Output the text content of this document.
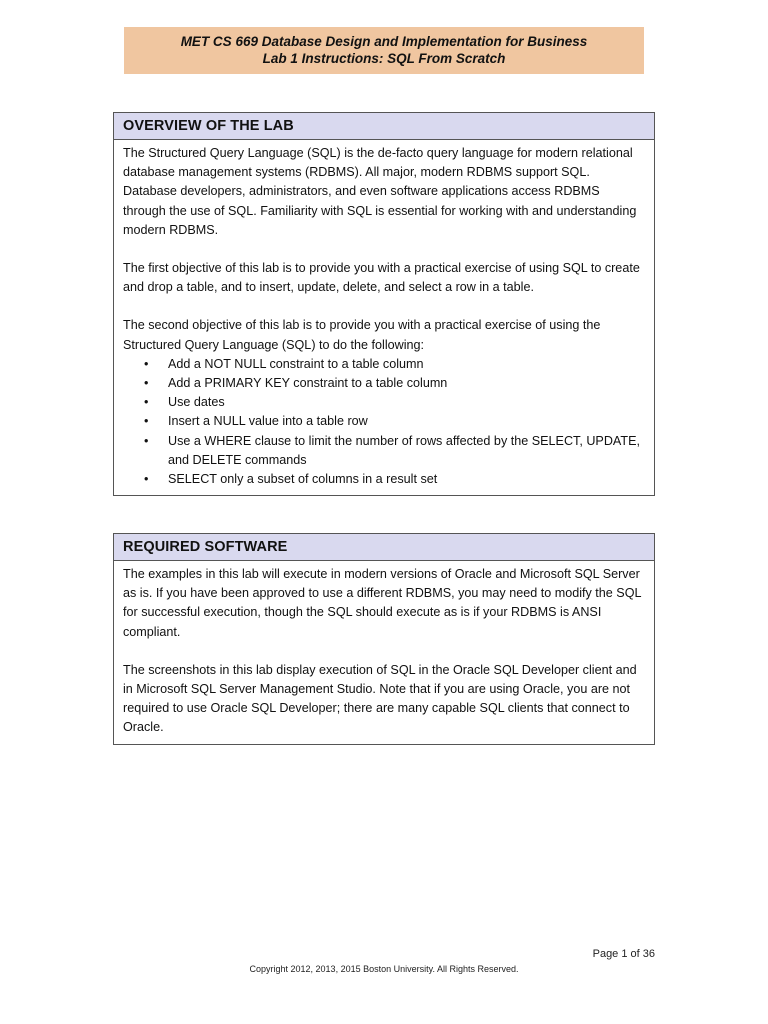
MET CS 669 Database Design and Implementation for Business
Lab 1 Instructions: SQL From Scratch
OVERVIEW OF THE LAB

The Structured Query Language (SQL) is the de-facto query language for modern relational database management systems (RDBMS). All major, modern RDBMS support SQL. Database developers, administrators, and even software applications access RDBMS through the use of SQL. Familiarity with SQL is essential for working with and understanding modern RDBMS.

The first objective of this lab is to provide you with a practical exercise of using SQL to create and drop a table, and to insert, update, delete, and select a row in a table.

The second objective of this lab is to provide you with a practical exercise of using the Structured Query Language (SQL) to do the following:

• Add a NOT NULL constraint to a table column
• Add a PRIMARY KEY constraint to a table column
• Use dates
• Insert a NULL value into a table row
• Use a WHERE clause to limit the number of rows affected by the SELECT, UPDATE, and DELETE commands
• SELECT only a subset of columns in a result set
REQUIRED SOFTWARE

The examples in this lab will execute in modern versions of Oracle and Microsoft SQL Server as is. If you have been approved to use a different RDBMS, you may need to modify the SQL for successful execution, though the SQL should execute as is if your RDBMS is ANSI compliant.

The screenshots in this lab display execution of SQL in the Oracle SQL Developer client and in Microsoft SQL Server Management Studio. Note that if you are using Oracle, you are not required to use Oracle SQL Developer; there are many capable SQL clients that connect to Oracle.

Page 1 of 36
Copyright 2012, 2013, 2015 Boston University. All Rights Reserved.
